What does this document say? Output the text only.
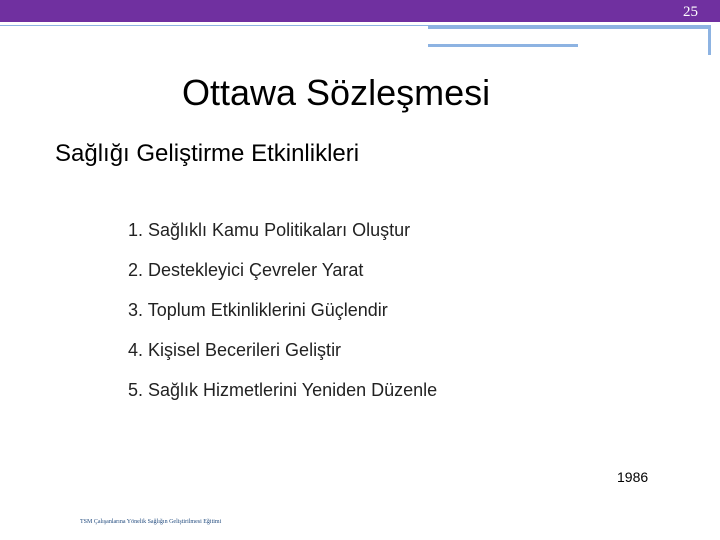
25
Ottawa Sözleşmesi
Sağlığı Geliştirme Etkinlikleri
1. Sağlıklı Kamu Politikaları Oluştur
2. Destekleyici Çevreler Yarat
3. Toplum Etkinliklerini Güçlendir
4. Kişisel Becerileri Geliştir
5. Sağlık Hizmetlerini Yeniden Düzenle
1986
TSM Çalışanlarına Yönelik Sağlığın Geliştirilmesi Eğitimi
